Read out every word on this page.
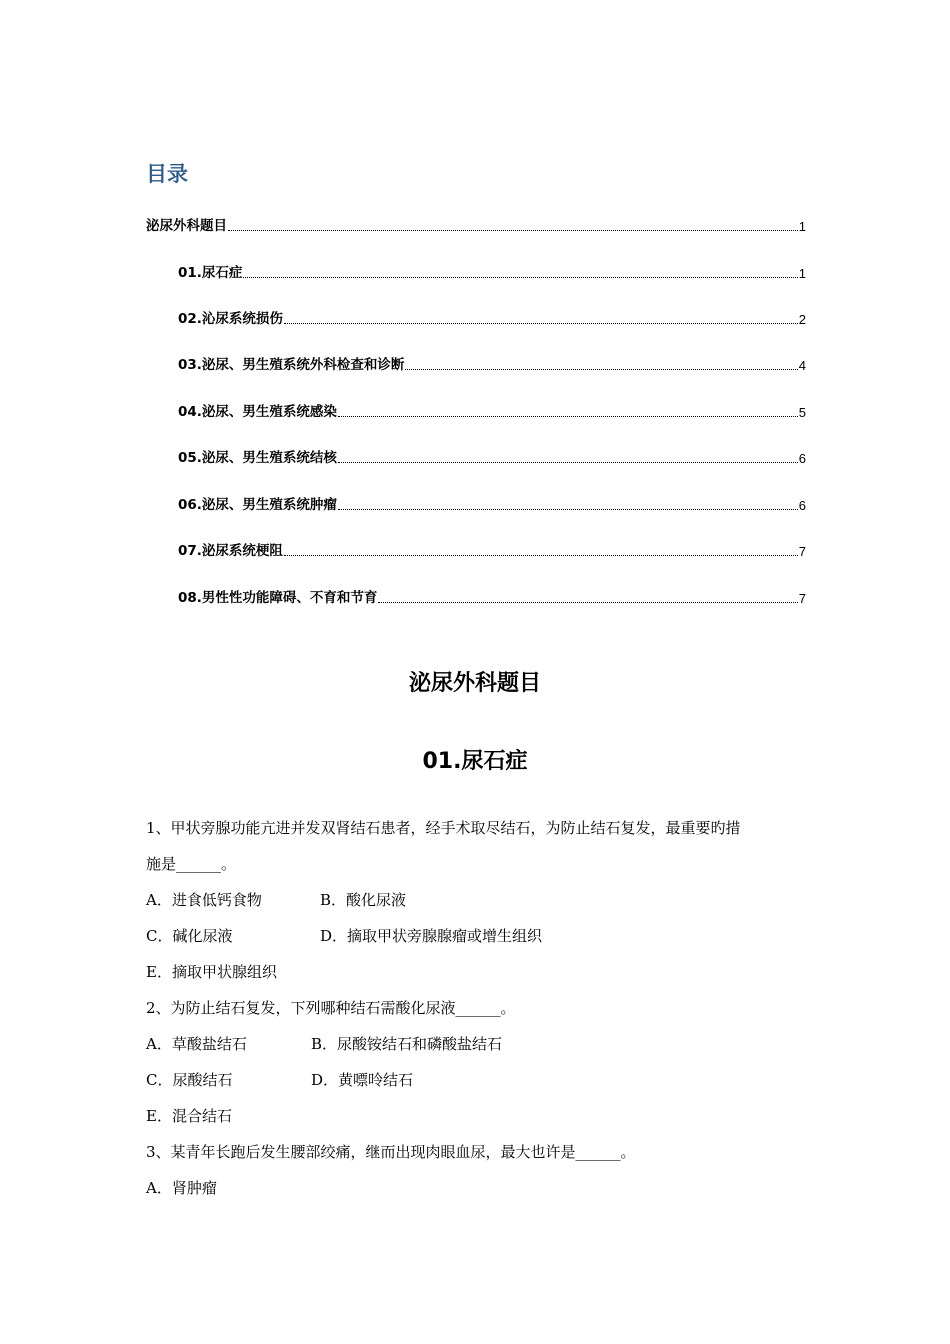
目录
泌尿外科题目	1
01.尿石症	1
02.沁尿系统损伤	2
03.泌尿、男生殖系统外科检查和诊断	4
04.泌尿、男生殖系统感染	5
05.泌尿、男生殖系统结核	6
06.泌尿、男生殖系统肿瘤	6
07.泌尿系统梗阻	7
08.男性性功能障碍、不育和节育	7
泌尿外科题目
01.尿石症
1、甲状旁腺功能亢进并发双肾结石患者，经手术取尽结石，为防止结石复发，最重要旳措
施是______。
A．进食低钙食物	B．酸化尿液
C．碱化尿液	D．摘取甲状旁腺腺瘤或增生组织
E．摘取甲状腺组织
2、为防止结石复发，下列哪种结石需酸化尿液______。
A．草酸盐结石	B．尿酸铵结石和磷酸盐结石
C．尿酸结石	D．黄嘌呤结石
E．混合结石
3、某青年长跑后发生腰部绞痛，继而出现肉眼血尿，最大也许是______。
A．肾肿瘤
